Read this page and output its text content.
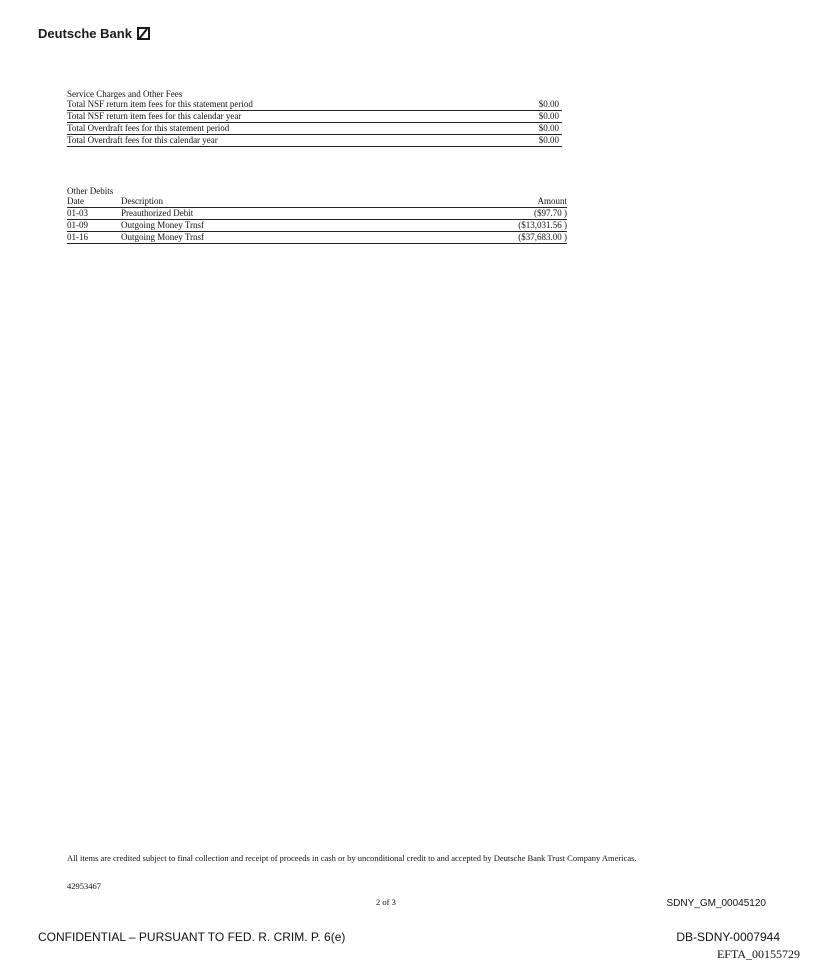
Deutsche Bank
Service Charges and Other Fees
Total NSF return item fees for this statement period	$0.00
Total NSF return item fees for this calendar year	$0.00
Total Overdraft fees for this statement period	$0.00
Total Overdraft fees for this calendar year	$0.00
Other Debits
Date	Description	Amount
01-03	Preauthorized Debit	($97.70 )
01-09	Outgoing Money Trnsf	($13,031.56 )
01-16	Outgoing Money Trnsf	($37,683.00 )
All items are credited subject to final collection and receipt of proceeds in cash or by unconditional credit to and accepted by Deutsche Bank Trust Company Americas.
42953467
2 of 3	SDNY_GM_00045120
CONFIDENTIAL – PURSUANT TO FED. R. CRIM. P. 6(e)	DB-SDNY-0007944
EFTA_00155729
